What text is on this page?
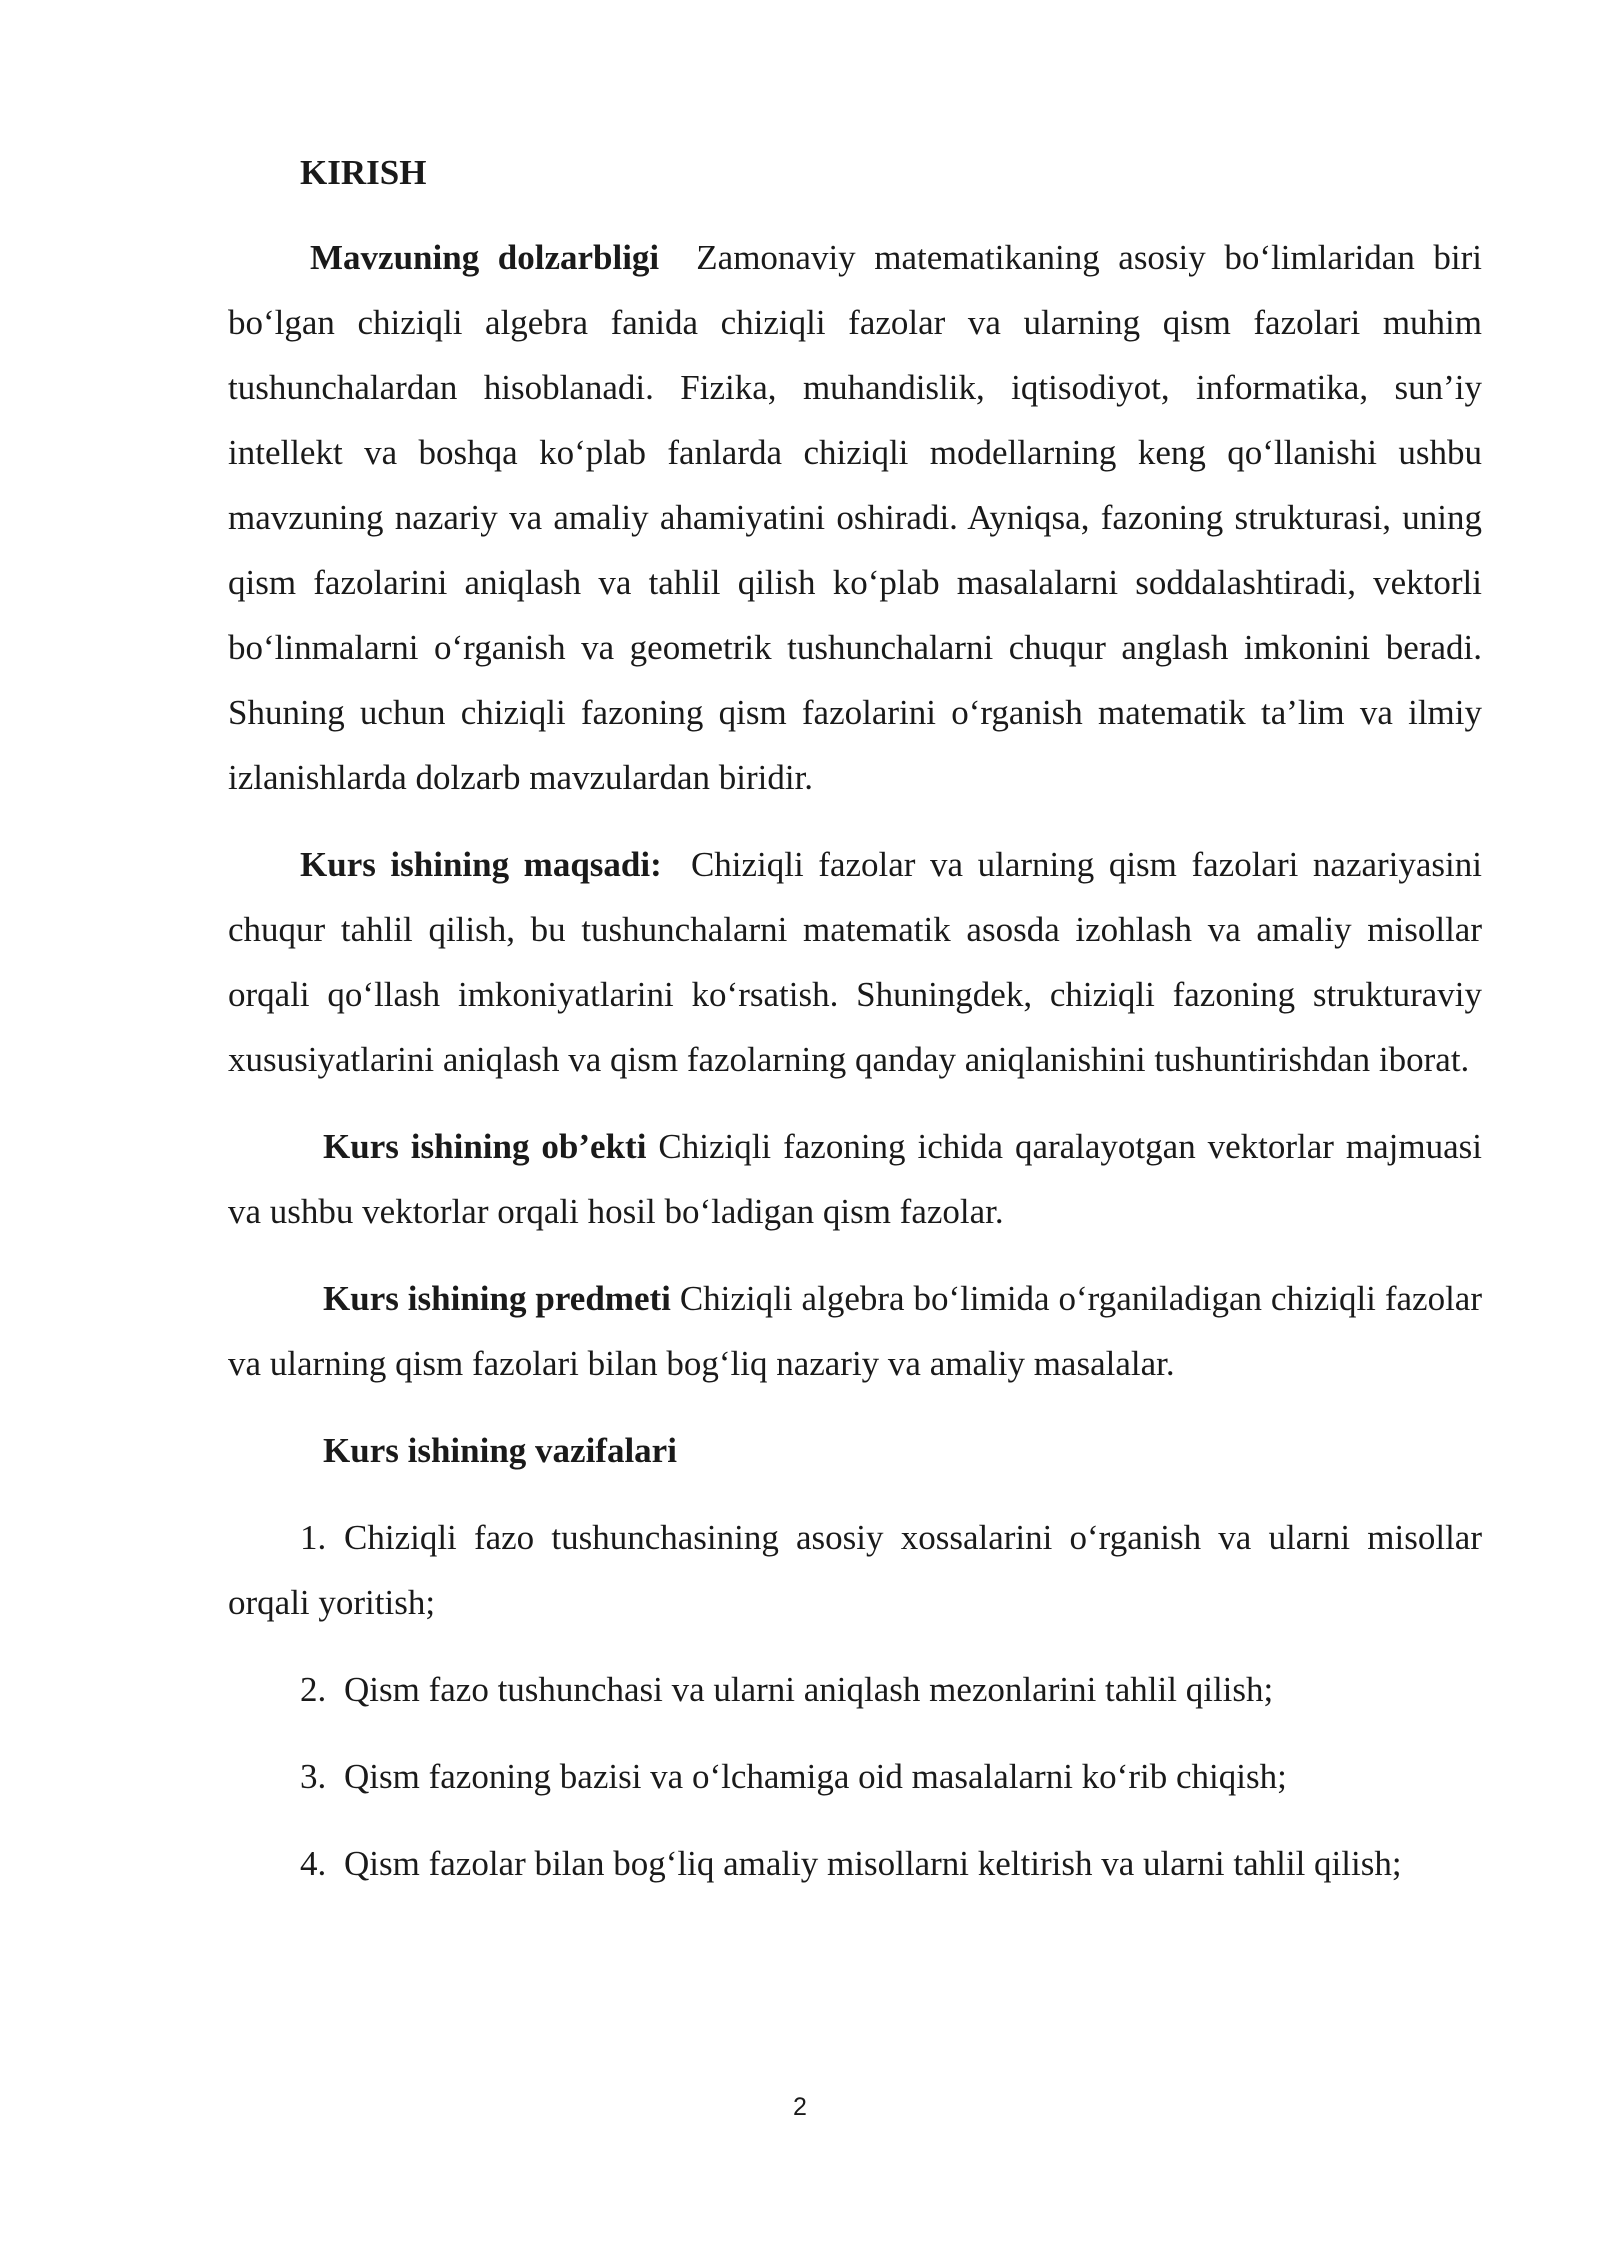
KIRISH

Mavzuning dolzarbligi Zamonaviy matematikaning asosiy bo‘limlaridan biri bo‘lgan chiziqli algebra fanida chiziqli fazolar va ularning qism fazolari muhim tushunchalardan hisoblanadi. Fizika, muhandislik, iqtisodiyot, informatika, sun’iy intellekt va boshqa ko‘plab fanlarda chiziqli modellarning keng qo‘llanishi ushbu mavzuning nazariy va amaliy ahamiyatini oshiradi. Ayniqsa, fazoning strukturasi, uning qism fazolarini aniqlash va tahlil qilish ko‘plab masalalarni soddalashtiradi, vektorli bo‘linmalarni o‘rganish va geometrik tushunchalarni chuqur anglash imkonini beradi. Shuning uchun chiziqli fazoning qism fazolarini o‘rganish matematik ta’lim va ilmiy izlanishlarda dolzarb mavzulardan biridir.

Kurs ishining maqsadi: Chiziqli fazolar va ularning qism fazolari nazariyasini chuqur tahlil qilish, bu tushunchalarni matematik asosda izohlash va amaliy misollar orqali qo‘llash imkoniyatlarini ko‘rsatish. Shuningdek, chiziqli fazoning strukturaviy xususiyatlarini aniqlash va qism fazolarning qanday aniqlanishini tushuntirishdan iborat.

Kurs ishining ob’ekti Chiziqli fazoning ichida qaralayotgan vektorlar majmuasi va ushbu vektorlar orqali hosil bo‘ladigan qism fazolar.

Kurs ishining predmeti Chiziqli algebra bo‘limida o‘rganiladigan chiziqli fazolar va ularning qism fazolari bilan bog‘liq nazariy va amaliy masalalar.

Kurs ishining vazifalari

1. Chiziqli fazo tushunchasining asosiy xossalarini o‘rganish va ularni misollar orqali yoritish;

2. Qism fazo tushunchasi va ularni aniqlash mezonlarini tahlil qilish;

3. Qism fazoning bazisi va o‘lchamiga oid masalalarni ko‘rib chiqish;

4. Qism fazolar bilan bog‘liq amaliy misollarni keltirish va ularni tahlil qilish;

2
